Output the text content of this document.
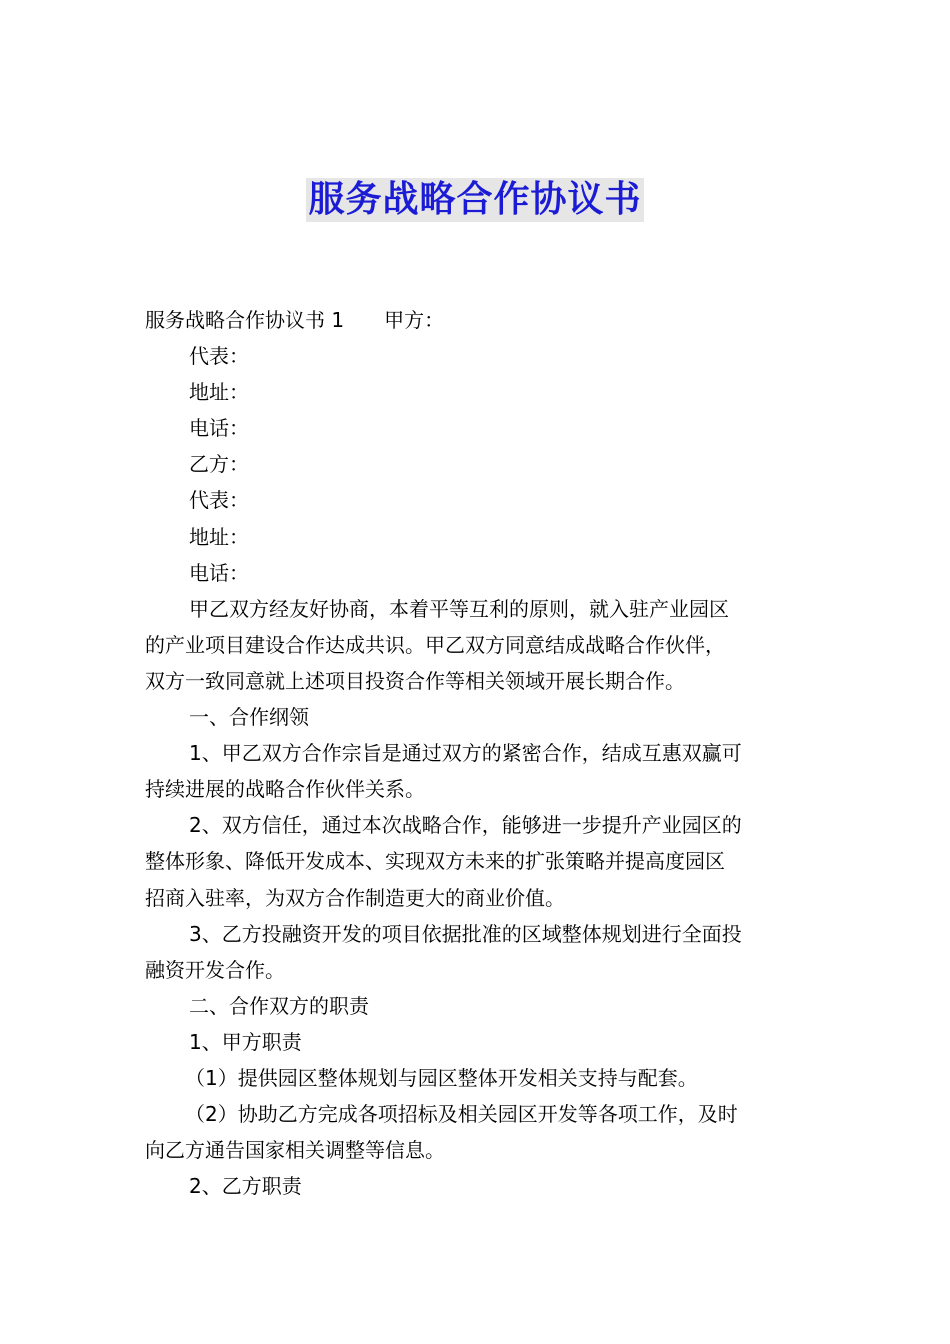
服务战略合作协议书
服务战略合作协议书 1 甲方：
代表：
地址：
电话：
乙方：
代表：
地址：
电话：
甲乙双方经友好协商，本着平等互利的原则，就入驻产业园区
的产业项目建设合作达成共识。甲乙双方同意结成战略合作伙伴，
双方一致同意就上述项目投资合作等相关领域开展长期合作。
一、合作纲领
1、甲乙双方合作宗旨是通过双方的紧密合作，结成互惠双赢可
持续进展的战略合作伙伴关系。
2、双方信任，通过本次战略合作，能够进一步提升产业园区的
整体形象、降低开发成本、实现双方未来的扩张策略并提高度园区
招商入驻率，为双方合作制造更大的商业价值。
3、乙方投融资开发的项目依据批准的区域整体规划进行全面投
融资开发合作。
二、合作双方的职责
1、甲方职责
（1）提供园区整体规划与园区整体开发相关支持与配套。
（2）协助乙方完成各项招标及相关园区开发等各项工作，及时
向乙方通告国家相关调整等信息。
2、乙方职责
